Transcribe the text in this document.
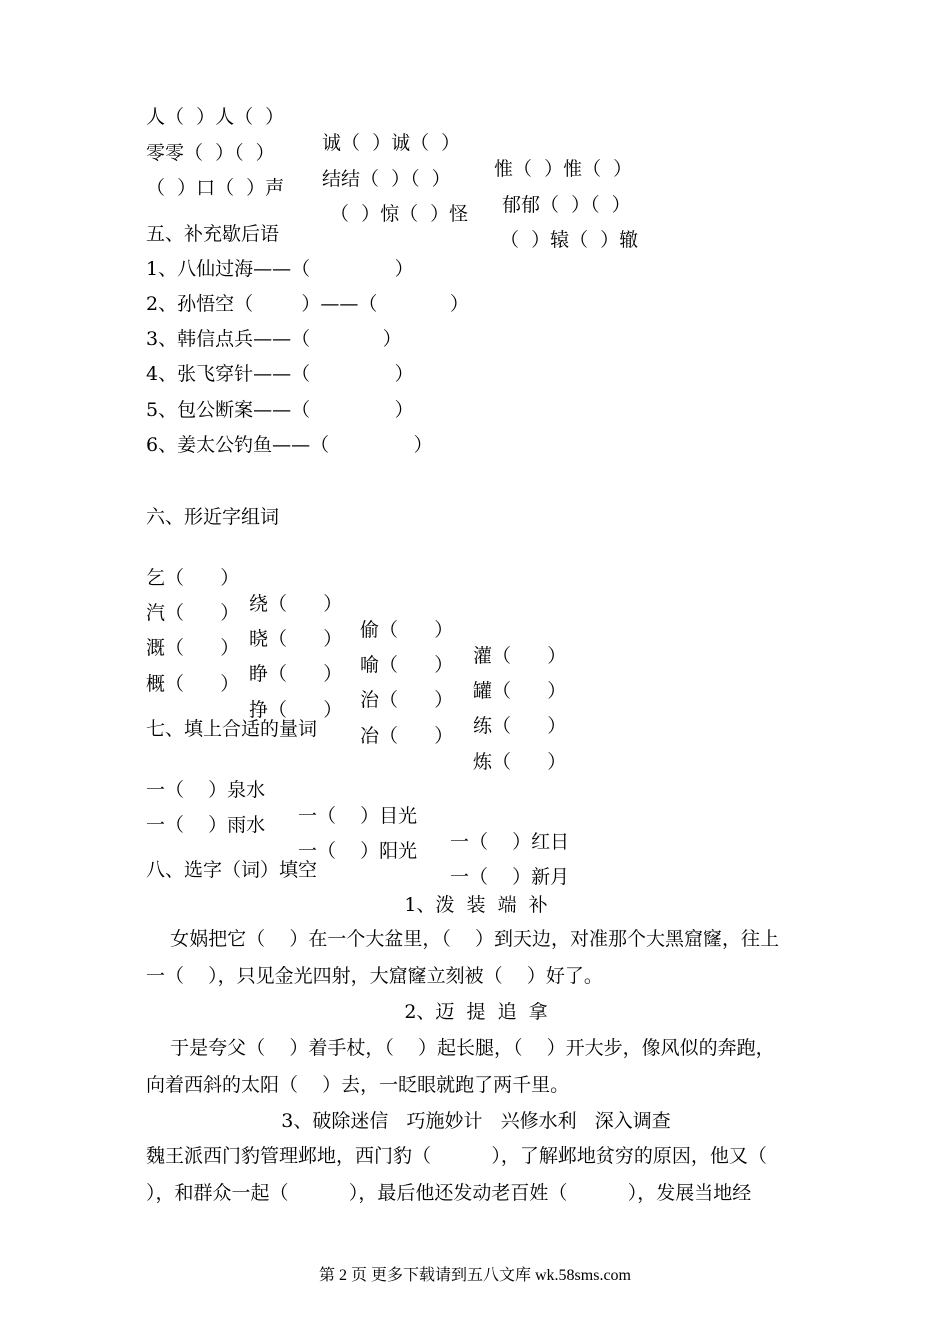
人（  ）人（  ）

诚（  ）诚（  ）

惟（  ）惟（  ）

零零（  ）（  ）

结结（  ）（  ）

郁郁（  ）（  ）

（  ）口（  ）声

（  ）惊（  ）怪

（  ）辕（  ）辙

五、补充歇后语
1、八仙过海——（              ）
2、孙悟空（        ）——（            ）
3、韩信点兵——（            ）
4、张飞穿针——（              ）
5、包公断案——（              ）
6、姜太公钓鱼——（              ）
六、形近字组词

乞（      ）

绕（      ）

偷（      ）

灌（      ）

汽（      ）

晓（      ）

喻（      ）

罐（      ）

溉（      ）

睁（      ）

治（      ）

练（      ）

概（      ）

挣（      ）

冶（      ）

炼（      ）

七、填上合适的量词

一（    ）泉水

一（    ）目光

一（    ）红日

一（    ）雨水

一（    ）阳光

一（    ）新月

八、选字（词）填空
1、泼  装  端  补
女娲把它（    ）在一个大盆里，（    ）到天边，对准那个大黑窟窿，往上
一（    ），只见金光四射，大窟窿立刻被（    ）好了。
2、迈  提  追  拿
于是夸父（    ）着手杖，（    ）起长腿，（    ）开大步，像风似的奔跑，
向着西斜的太阳（    ）去，一眨眼就跑了两千里。
3、破除迷信   巧施妙计   兴修水利   深入调查
魏王派西门豹管理邺地，西门豹（          ），了解邺地贫穷的原因，他又（
），和群众一起（          ），最后他还发动老百姓（          ），发展当地经
第 2 页 更多下载请到五八文库 wk.58sms.com
